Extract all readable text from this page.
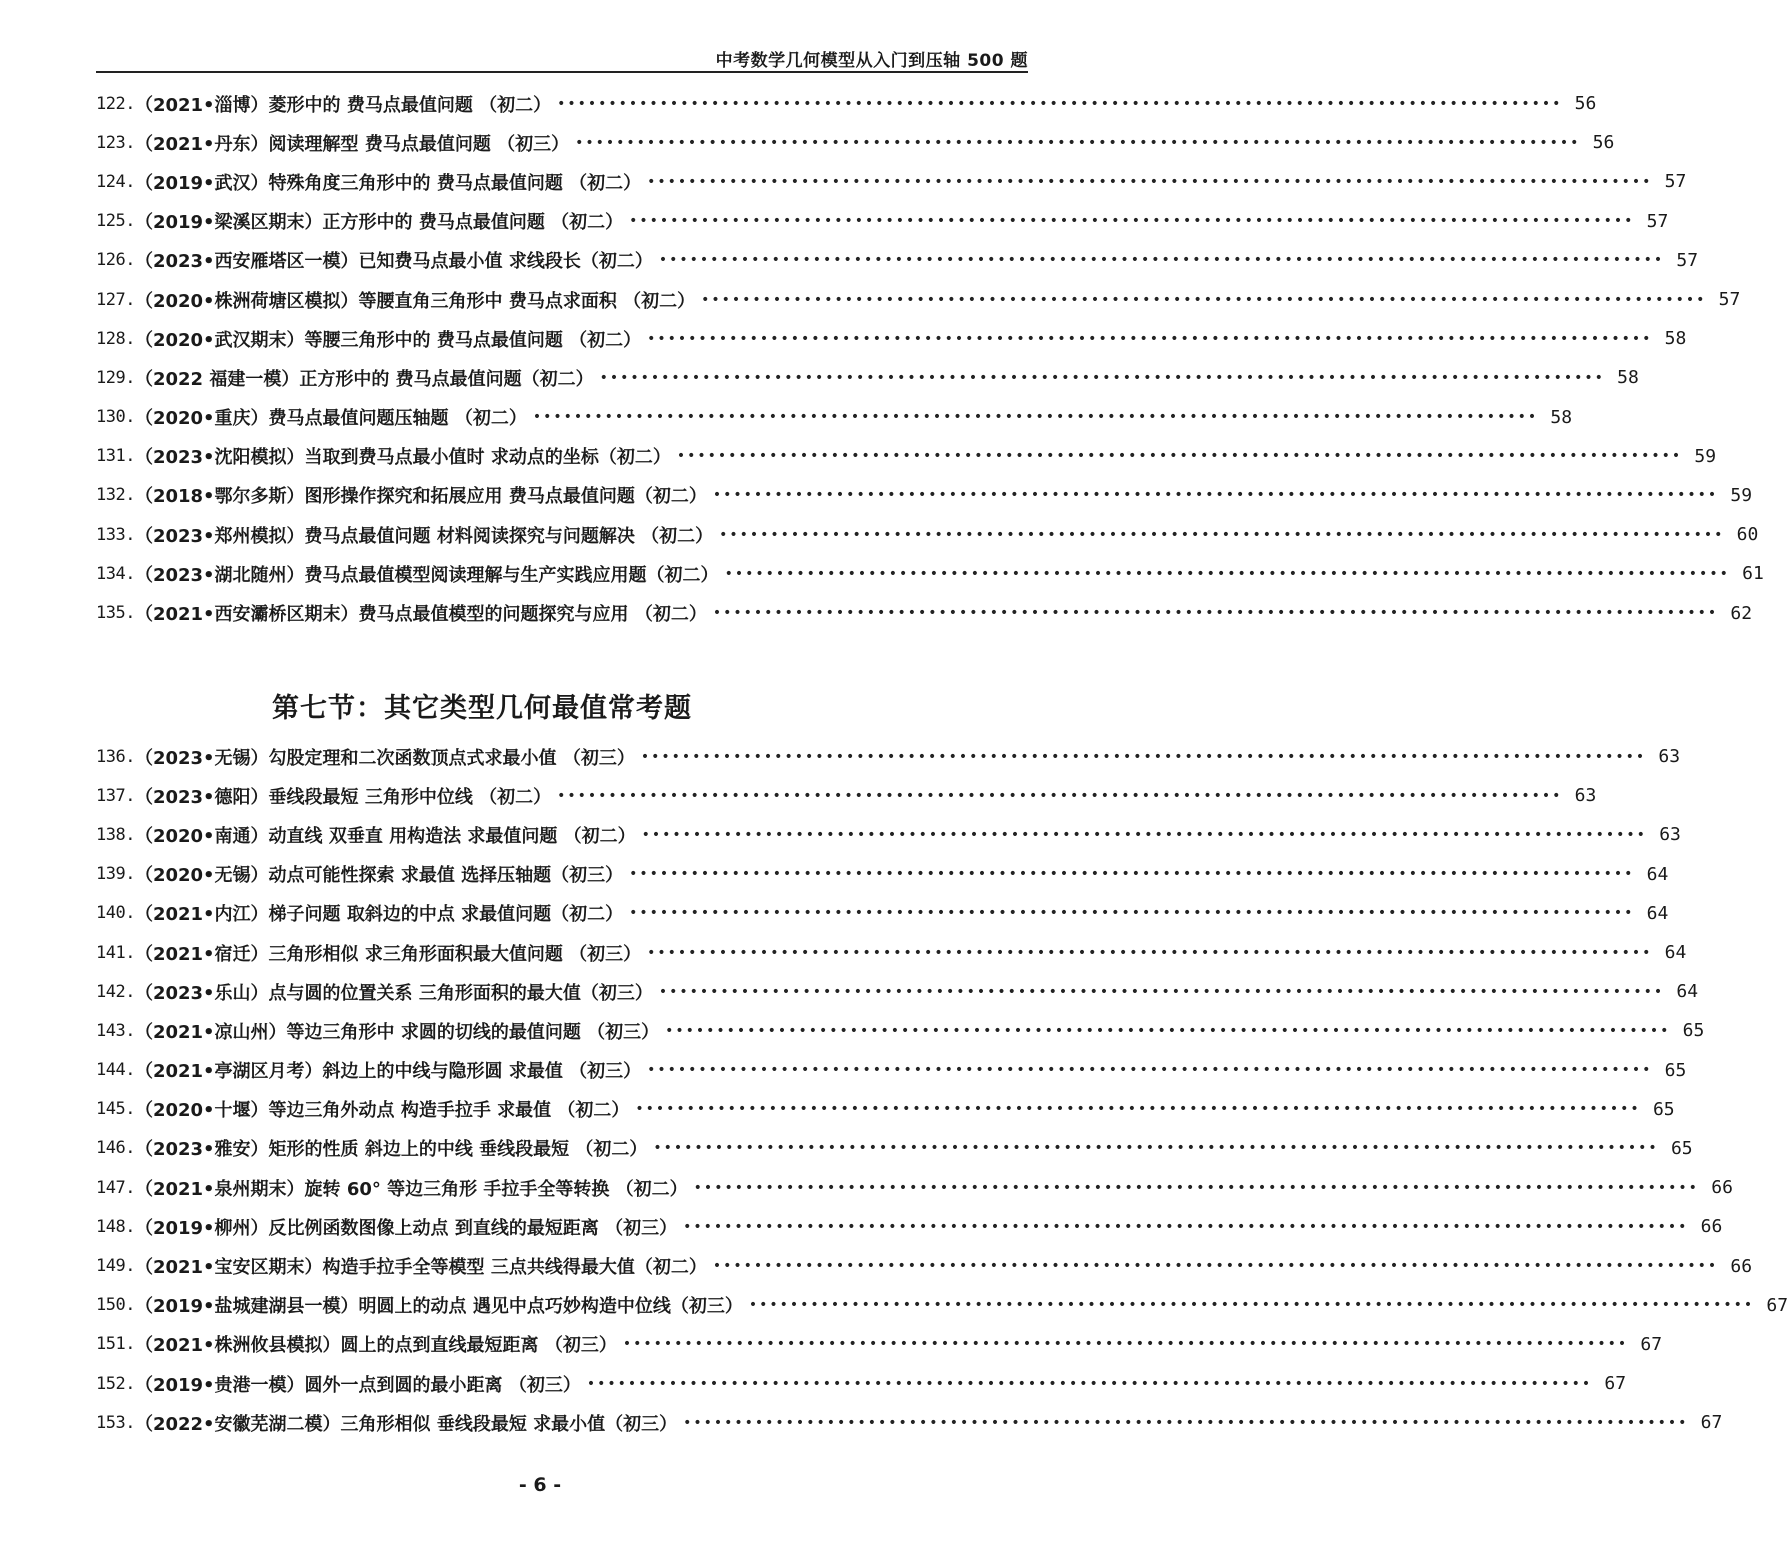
中考数学几何模型从入门到压轴 500 题
122. （2021•淄博）菱形中的 费马点最值问题 （初二） •••••	56
123. （2021•丹东）阅读理解型 费马点最值问题 （初三） •••••	56
124. （2019•武汉）特殊角度三角形中的 费马点最值问题 （初二） •••••	57
125. （2019•梁溪区期末）正方形中的 费马点最值问题 （初二） •••••	57
126. （2023•西安雁塔区一模）已知费马点最小值 求线段长（初二） •••••	57
127. （2020•株洲荷塘区模拟）等腰直角三角形中 费马点求面积 （初二） •••••	57
128. （2020•武汉期末）等腰三角形中的 费马点最值问题 （初二） •••••	58
129. （2022 福建一模）正方形中的 费马点最值问题（初二） •••••	58
130. （2020•重庆）费马点最值问题压轴题 （初二） •••••	58
131. （2023•沈阳模拟）当取到费马点最小值时 求动点的坐标（初二） •••••	59
132. （2018•鄂尔多斯）图形操作探究和拓展应用 费马点最值问题（初二） •••••	59
133. （2023•郑州模拟）费马点最值问题 材料阅读探究与问题解决 （初二） •••••	60
134. （2023•湖北随州）费马点最值模型阅读理解与生产实践应用题（初二） •••••	61
135. （2021•西安灞桥区期末）费马点最值模型的问题探究与应用 （初二） •••••	62
第七节：其它类型几何最值常考题
136. （2023•无锡）勾股定理和二次函数顶点式求最小值 （初三） •••••	63
137. （2023•德阳）垂线段最短 三角形中位线 （初二） •••••	63
138. （2020•南通）动直线 双垂直 用构造法 求最值问题 （初二） •••••	63
139. （2020•无锡）动点可能性探索 求最值 选择压轴题（初三） •••••	64
140. （2021•内江）梯子问题 取斜边的中点 求最值问题（初二） •••••	64
141. （2021•宿迁）三角形相似 求三角形面积最大值问题 （初三） •••••	64
142. （2023•乐山）点与圆的位置关系 三角形面积的最大值（初三） •••••	64
143. （2021•凉山州）等边三角形中 求圆的切线的最值问题 （初三） •••••	65
144. （2021•亭湖区月考）斜边上的中线与隐形圆 求最值 （初三） •••••	65
145. （2020•十堰）等边三角外动点 构造手拉手 求最值 （初二） •••••	65
146. （2023•雅安）矩形的性质 斜边上的中线 垂线段最短 （初二） •••••	65
147. （2021•泉州期末）旋转 60° 等边三角形 手拉手全等转换 （初二） •••••	66
148. （2019•柳州）反比例函数图像上动点 到直线的最短距离 （初三） •••••	66
149. （2021•宝安区期末）构造手拉手全等模型 三点共线得最大值（初二） •••••	66
150. （2019•盐城建湖县一模）明圆上的动点 遇见中点巧妙构造中位线（初三） •••••	67
151. （2021•株洲攸县模拟）圆上的点到直线最短距离 （初三） •••••	67
152. （2019•贵港一模）圆外一点到圆的最小距离 （初三） •••••	67
153. （2022•安徽芜湖二模）三角形相似 垂线段最短 求最小值（初三） •••••	67
- 6 -
